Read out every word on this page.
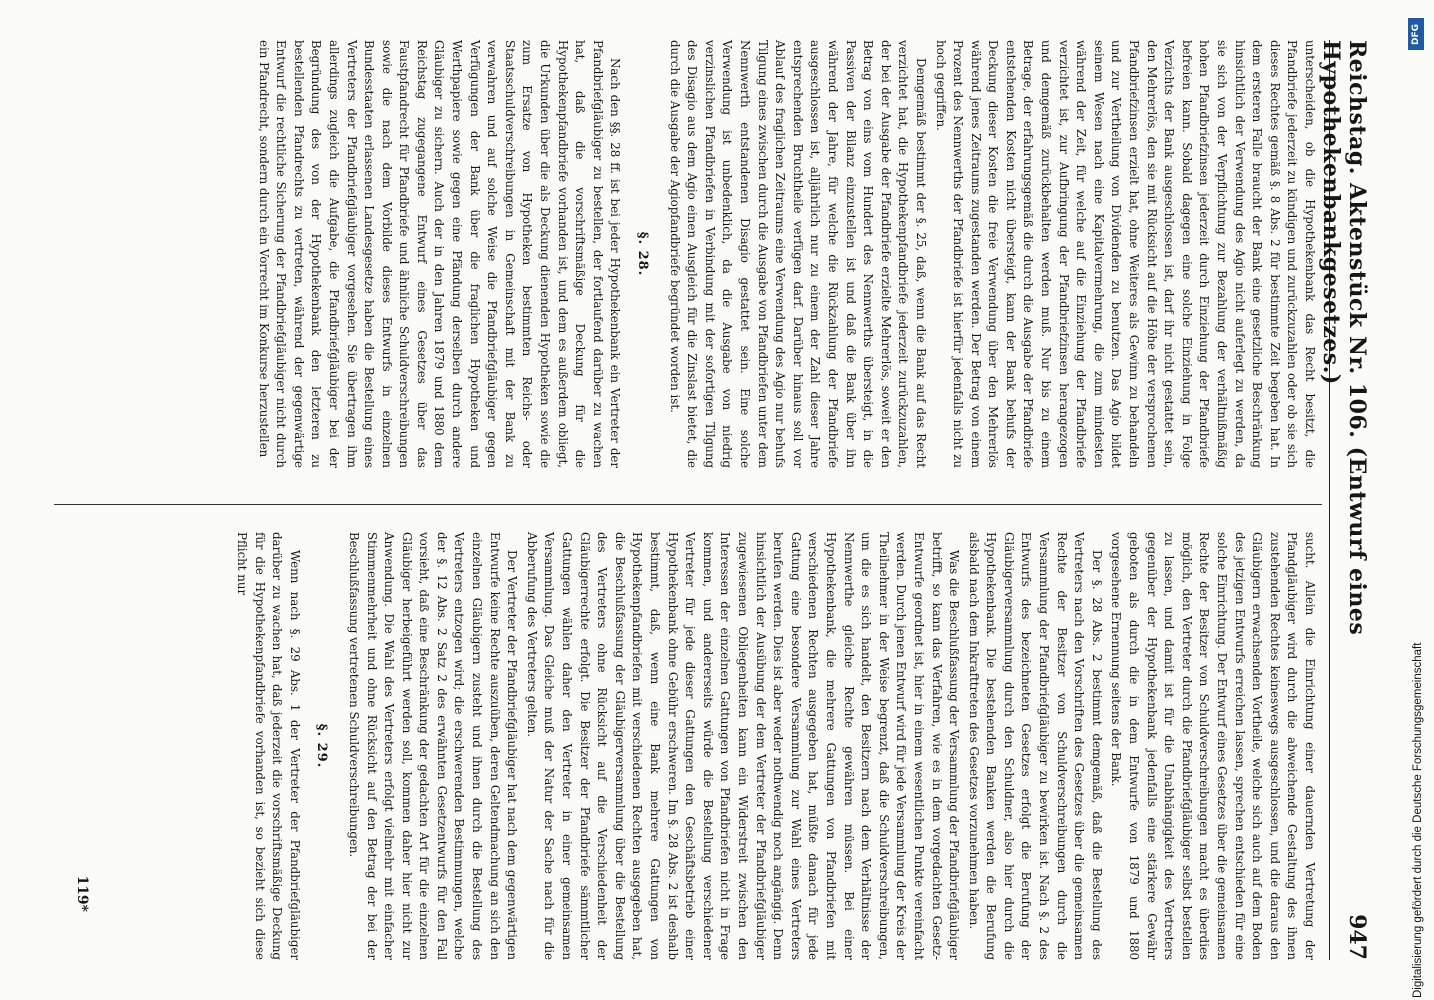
Reichstag. Aktenstück Nr. 106. (Entwurf eines Hypothekenbankgesetzes.)
947

unterscheiden, ob die Hypothekenbank das Recht besitzt, die Pfandbriefe jederzeit zu kündigen und zurückzuzahlen oder ob sie sich dieses Rechtes gemäß §. 8 Abs. 2 für bestimmte Zeit begeben hat. In dem ersteren Falle braucht der Bank eine gesetzliche Beschränkung hinsichtlich der Verwendung des Agio nicht auferlegt zu werden, da sie sich von der Verpflichtung zur Bezahlung der verhältnißmäßig hohen Pfandbriefzinsen jederzeit durch Einziehung der Pfandbriefe befreien kann. Sobald dagegen eine solche Einziehung in Folge Verzichts der Bank ausgeschlossen ist, darf ihr nicht gestattet sein, den Mehrerlös, den sie mit Rücksicht auf die Höhe der versprochenen Pfandbriefzinsen erzielt hat, ohne Weiteres als Gewinn zu behandeln und zur Vertheilung von Dividenden zu benutzen. Das Agio bildet seinem Wesen nach eine Kapitalvermehrung, die zum mindesten während der Zeit, für welche auf die Einziehung der Pfandbriefe verzichtet ist, zur Aufbringung der Pfandbriefzinsen herangezogen und demgemäß zurückbehalten werden muß. Nur bis zu einem Betrage, der erfahrungsgemäß die durch die Ausgabe der Pfandbriefe entstehenden Kosten nicht übersteigt, kann der Bank behufs der Deckung dieser Kosten die freie Verwendung über den Mehrerlös während jenes Zeitraums zugestanden werden. Der Betrag von einem Prozent des Nennwerths der Pfandbriefe ist hierfür jedenfalls nicht zu hoch gegriffen.

Demgemäß bestimmt der §. 25, daß, wenn die Bank auf das Recht verzichtet hat, die Hypothekenpfandbriefe jederzeit zurückzuzahlen, der bei der Ausgabe der Pfandbriefe erzielte Mehrerlös, soweit er den Betrag von eins vom Hundert des Nennwerths übersteigt, in die Passiven der Bilanz einzustellen ist und daß die Bank über ihn während der Jahre, für welche die Rückzahlung der Pfandbriefe ausgeschlossen ist, alljährlich nur zu einem der Zahl dieser Jahre entsprechenden Bruchtheile verfügen darf. Darüber hinaus soll vor Ablauf des fraglichen Zeitraums eine Verwendung des Agio nur behufs Tilgung eines zwischen durch die Ausgabe von Pfandbriefen unter dem Nennwerth entstandenen Disagio gestattet sein. Eine solche Verwendung ist unbedenklich, da die Ausgabe von niedrig verzinslichen Pfandbriefen in Verbindung mit der sofortigen Tilgung des Disagio aus dem Agio einen Ausgleich für die Zinslast bietet, die durch die Ausgabe der Agiopfandbriefe begründet worden ist.

§. 28.

Nach den §§. 28 ff. ist bei jeder Hypothekenbank ein Vertreter der Pfandbriefgläubiger zu bestellen, der fortlaufend darüber zu wachen hat, daß die vorschriftsmäßige Deckung für die Hypothekenpfandbriefe vorhanden ist, und dem es außerdem obliegt, die Urkunden über die als Deckung dienenden Hypotheken sowie die zum Ersatze von Hypotheken bestimmten Reichs- oder Staatsschuldverschreibungen in Gemeinschaft mit der Bank zu verwahren und auf solche Weise die Pfandbriefgläubiger gegen Verfügungen der Bank über die fraglichen Hypotheken und Werthpapiere sowie gegen eine Pfändung derselben durch andere Gläubiger zu sichern. Auch der in den Jahren 1879 und 1880 dem Reichstag zugegangene Entwurf eines Gesetzes über das Faustpfandrecht für Pfandbriefe und ähnliche Schuldverschreibungen sowie die nach dem Vorbilde dieses Entwurfs in einzelnen Bundesstaaten erlassenen Landesgesetze haben die Bestellung eines Vertreters der Pfandbriefgläubiger vorgesehen. Sie übertragen ihm allerdings zugleich die Aufgabe, die Pfandbriefgläubiger bei der Begründung des von der Hypothekenbank den letzteren zu bestellenden Pfandrechts zu vertreten, während der gegenwärtige Entwurf die rechtliche Sicherung der Pfandbriefgläubiger nicht durch ein Pfandrecht, sondern durch ein Vorrecht im Konkurse herzustellen

sucht. Allein die Einrichtung einer dauernden Vertretung der Pfandgläubiger wird durch die abweichende Gestaltung des ihnen zustehenden Rechtes keineswegs ausgeschlossen, und die daraus den Gläubigern erwachsenden Vortheile, welche sich auch auf dem Boden des jetzigen Entwurfs erreichen lassen, sprechen entschieden für eine solche Einrichtung. Der Entwurf eines Gesetzes über die gemeinsamen Rechte der Besitzer von Schuldverschreibungen macht es überdies möglich, den Vertreter durch die Pfandbriefgläubiger selbst bestellen zu lassen, und damit ist für die Unabhängigkeit des Vertreters gegenüber der Hypothekenbank jedenfalls eine stärkere Gewähr geboten als durch die in dem Entwurfe von 1879 und 1880 vorgesehene Ernennung seitens der Bank.

Der §. 28 Abs. 2 bestimmt demgemäß, daß die Bestellung des Vertreters nach den Vorschriften des Gesetzes über die gemeinsamen Rechte der Besitzer von Schuldverschreibungen durch die Versammlung der Pfandbriefgläubiger zu bewirken ist. Nach §. 2 des Entwurfs des bezeichneten Gesetzes erfolgt die Berufung der Gläubigerversammlung durch den Schuldner, also hier durch die Hypothekenbank. Die bestehenden Banken werden die Berufung alsbald nach dem Inkrafttreten des Gesetzes vorzunehmen haben.

Was die Beschlußfassung der Versammlung der Pfandbriefgläubiger betrifft, so kann das Verfahren, wie es in dem vorgedachten Gesetz-Entwurfe geordnet ist, hier in einem wesentlichen Punkte vereinfacht werden. Durch jenen Entwurf wird für jede Versammlung der Kreis der Theilnehmer in der Weise begrenzt, daß die Schuldverschreibungen, um die es sich handelt, den Besitzern nach dem Verhältnisse der Nennwerthe gleiche Rechte gewähren müssen. Bei einer Hypothekenbank, die mehrere Gattungen von Pfandbriefen mit verschiedenen Rechten ausgegeben hat, müßte danach für jede Gattung eine besondere Versammlung zur Wahl eines Vertreters berufen werden. Dies ist aber weder nothwendig noch angängig. Denn hinsichtlich der Ausübung der dem Vertreter der Pfandbriefgläubiger zugewiesenen Obliegenheiten kann ein Widerstreit zwischen den Interessen der einzelnen Gattungen von Pfandbriefen nicht in Frage kommen, und andererseits würde die Bestellung verschiedener Vertreter für jede dieser Gattungen den Geschäftsbetrieb einer Hypothekenbank ohne Gebühr erschweren. Im §. 28 Abs. 2 ist deshalb bestimmt, daß, wenn eine Bank mehrere Gattungen von Hypothekenpfandbriefen mit verschiedenen Rechten ausgegeben hat, die Beschlußfassung der Gläubigerversammlung über die Bestellung des Vertreters ohne Rücksicht auf die Verschiedenheit der Gläubigerrechte erfolgt. Die Besitzer der Pfandbriefe sämmtlicher Gattungen wählen daher den Vertreter in einer gemeinsamen Versammlung. Das Gleiche muß der Natur der Sache nach für die Abberufung des Vertreters gelten.

Der Vertreter der Pfandbriefgläubiger hat nach dem gegenwärtigen Entwurfe keine Rechte auszuüben, deren Geltendmachung an sich den einzelnen Gläubigern zusteht und ihnen durch die Bestellung des Vertreters entzogen wird; die erschwerenden Bestimmungen, welche der §. 12 Abs. 2 Satz 2 des erwähnten Gesetzentwurfs für den Fall vorsieht, daß eine Beschränkung der gedachten Art für die einzelnen Gläubiger herbeigeführt werden soll, kommen daher hier nicht zur Anwendung. Die Wahl des Vertreters erfolgt vielmehr mit einfacher Stimmenmehrheit und ohne Rücksicht auf den Betrag der bei der Beschlußfassung vertretenen Schuldverschreibungen.

§. 29.

Wenn nach §. 29 Abs. 1 der Vertreter der Pfandbriefgläubiger darüber zu wachen hat, daß jederzeit die vorschriftsmäßige Deckung für die Hypothekenpfandbriefe vorhanden ist, so bezieht sich diese Pflicht nur

119*
DFG
Digitalisierung gefördert durch die Deutsche Forschungsgemeinschaft
